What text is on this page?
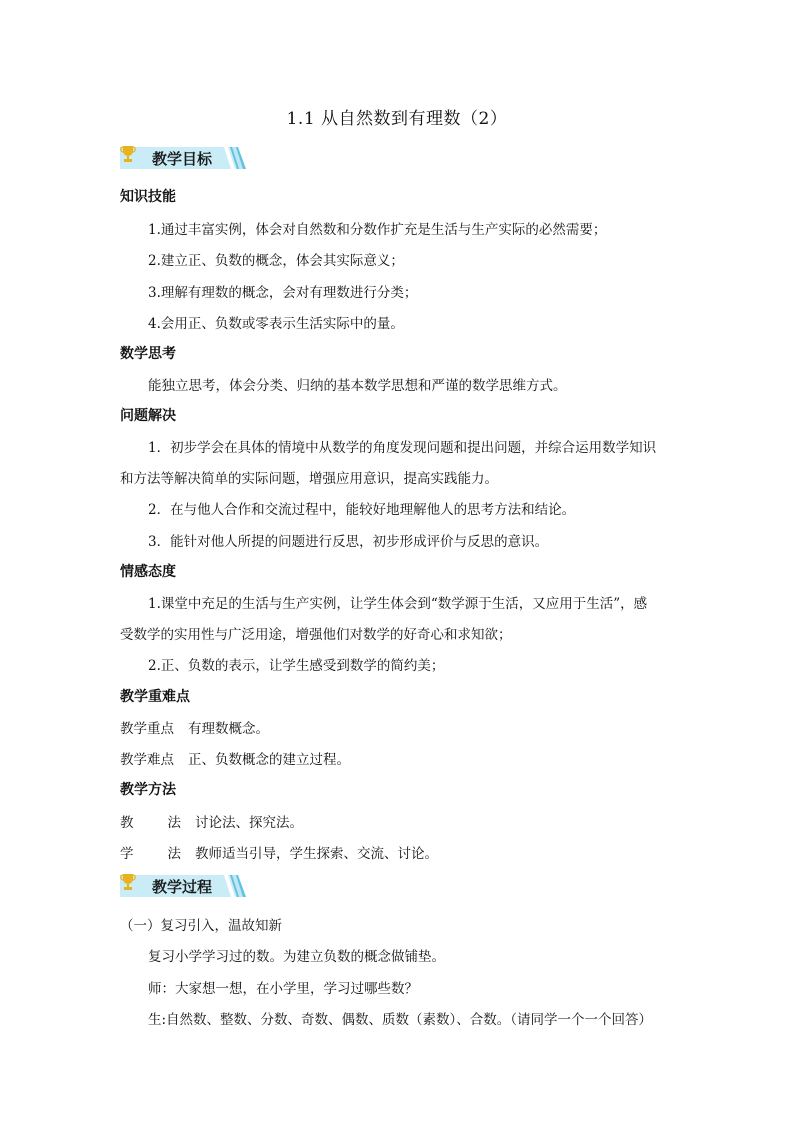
1.1 从自然数到有理数（2）
教学目标
知识技能
1.通过丰富实例，体会对自然数和分数作扩充是生活与生产实际的必然需要；
2.建立正、负数的概念，体会其实际意义；
3.理解有理数的概念，会对有理数进行分类；
4.会用正、负数或零表示生活实际中的量。
数学思考
能独立思考，体会分类、归纳的基本数学思想和严谨的数学思维方式。
问题解决
1．初步学会在具体的情境中从数学的角度发现问题和提出问题，并综合运用数学知识
和方法等解决简单的实际问题，增强应用意识，提高实践能力。
2．在与他人合作和交流过程中，能较好地理解他人的思考方法和结论。
3．能针对他人所提的问题进行反思，初步形成评价与反思的意识。
情感态度
1.课堂中充足的生活与生产实例，让学生体会到“数学源于生活，又应用于生活”，感
受数学的实用性与广泛用途，增强他们对数学的好奇心和求知欲；
2.正、负数的表示，让学生感受到数学的简约美；
教学重难点
教学重点 有理数概念。
教学难点 正、负数概念的建立过程。
教学方法
教	法 讨论法、探究法。
学	法 教师适当引导，学生探索、交流、讨论。
教学过程
（一）复习引入，温故知新
复习小学学习过的数。为建立负数的概念做铺垫。
师：大家想一想，在小学里，学习过哪些数？
生:自然数、整数、分数、奇数、偶数、质数（素数）、合数。（请同学一个一个回答）
